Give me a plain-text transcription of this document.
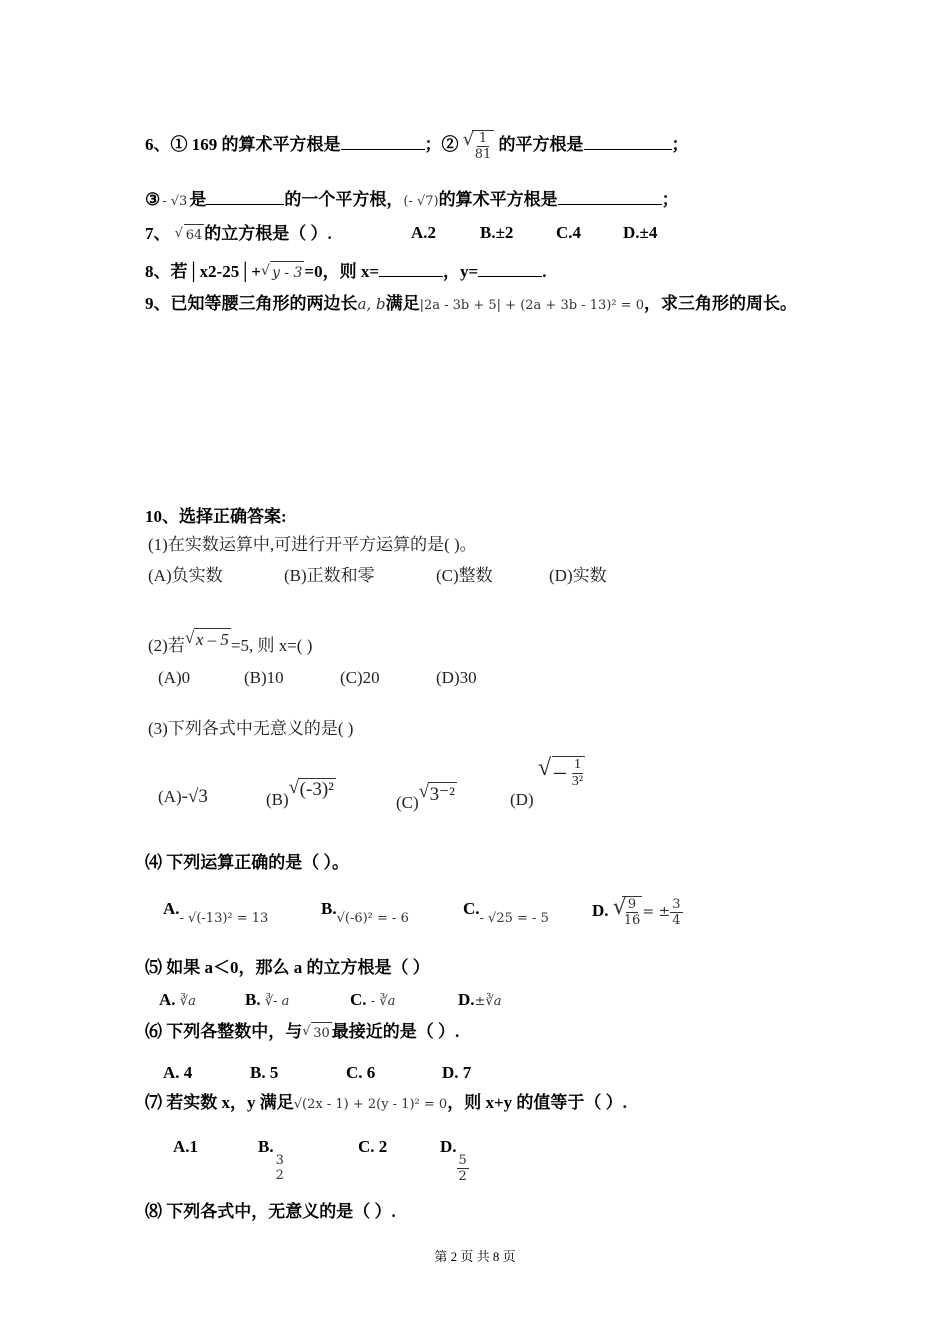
6、① 169 的算术平方根是	；② √ $\frac{1}{81}$ 的平方根是	；
③ - √3 是	的一个平方根，(- √7)的算术平方根是	；
7、 √ 64 的立方根是（ ）.	A.2	B.±2	C.4 D.±4
8、若│x2-25│+ √ y - 3 =0，则 x=	，y=	.
9、已知等腰三角形的两边长a, b满足|2a - 3b + 5| + (2a + 3b - 13)² = 0，求三角形的周长。
10、选择正确答案:
(1)在实数运算中,可进行开平方运算的是( )。
(A)负实数	(B)正数和零	(C)整数	(D)实数
(2)若 √ x – 5 =5, 则 x=( )
(A)0	(B)10	(C)20	(D)30
(3)下列各式中无意义的是( )
(A)-√3	(B) √ (-3)²
(C) √ 3⁻²	(D) √ – $\frac{1}{\text{3²}}$
⑷ 下列运算正确的是（ ）。
$A._{- √(-13)^2 = 13}$
$B._{√(-6)^2 = - 6}$
$C._{- √25 = - 5}$	D. √ $\frac{9}{16}$ = ± $\frac{3}{4}$
⑸ 如果 a＜0，那么 a 的立方根是（ ）
A. ∛a	B. ∛- a	C. - ∛a	D.±∛a
⑹ 下列各整数中，与 √ 30 最接近的是（ ）.
A. 4	B. 5	C. 6	D. 7
⑺ 若实数 x，y 满足√(2x - 1) + 2(y - 1)² = 0，则 x+y 的值等于（ ）.
A.1	B.
3
2
C. 2	D.
$\frac{5}{2}$
⑻ 下列各式中，无意义的是（ ）.
第 2 页 共 8 页
